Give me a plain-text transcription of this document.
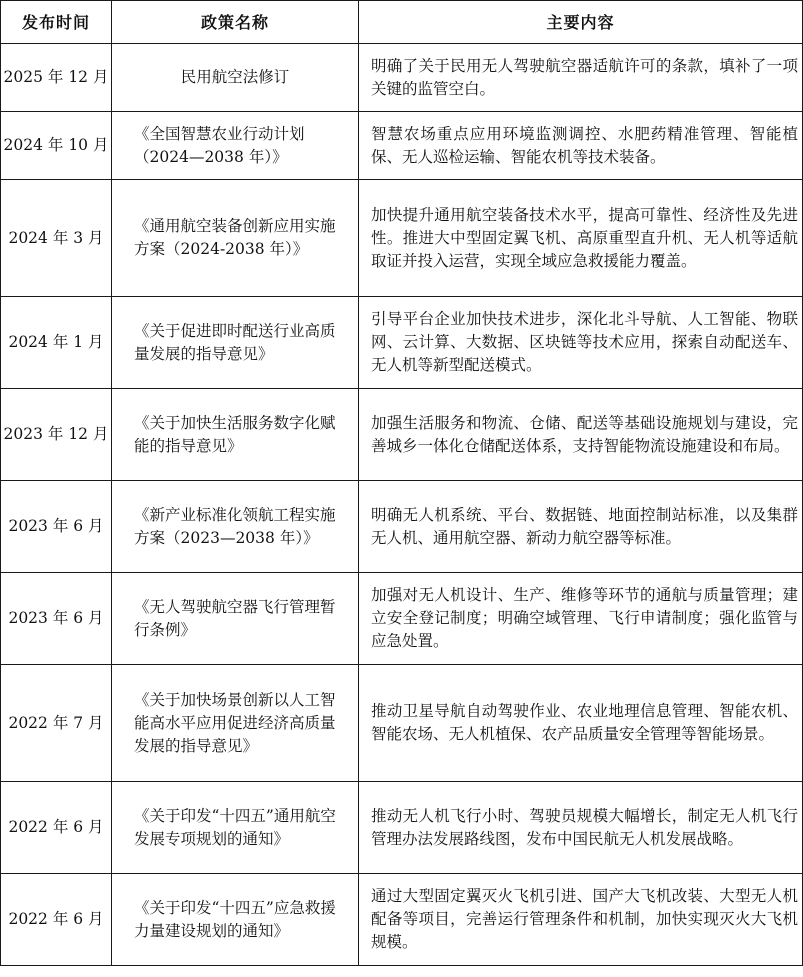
发布时间	政策名称	主要内容
2025 年 12 月	民用航空法修订	明确了关于民用无人驾驶航空器适航许可的条款，填补了一项关键的监管空白。
2024 年 10 月	《全国智慧农业行动计划（2024—2038 年）》	智慧农场重点应用环境监测调控、水肥药精准管理、智能植保、无人巡检运输、智能农机等技术装备。
2024 年 3 月	《通用航空装备创新应用实施方案（2024-2038 年）》	加快提升通用航空装备技术水平，提高可靠性、经济性及先进性。推进大中型固定翼飞机、高原重型直升机、无人机等适航取证并投入运营，实现全域应急救援能力覆盖。
2024 年 1 月	《关于促进即时配送行业高质量发展的指导意见》	引导平台企业加快技术进步，深化北斗导航、人工智能、物联网、云计算、大数据、区块链等技术应用，探索自动配送车、无人机等新型配送模式。
2023 年 12 月	《关于加快生活服务数字化赋能的指导意见》	加强生活服务和物流、仓储、配送等基础设施规划与建设，完善城乡一体化仓储配送体系，支持智能物流设施建设和布局。
2023 年 6 月	《新产业标准化领航工程实施方案（2023—2038 年）》	明确无人机系统、平台、数据链、地面控制站标准，以及集群无人机、通用航空器、新动力航空器等标准。
2023 年 6 月	《无人驾驶航空器飞行管理暂行条例》	加强对无人机设计、生产、维修等环节的通航与质量管理；建立安全登记制度；明确空域管理、飞行申请制度；强化监管与应急处置。
2022 年 7 月	《关于加快场景创新以人工智能高水平应用促进经济高质量发展的指导意见》	推动卫星导航自动驾驶作业、农业地理信息管理、智能农机、智能农场、无人机植保、农产品质量安全管理等智能场景。
2022 年 6 月	《关于印发“十四五”通用航空发展专项规划的通知》	推动无人机飞行小时、驾驶员规模大幅增长，制定无人机飞行管理办法发展路线图，发布中国民航无人机发展战略。
2022 年 6 月	《关于印发“十四五”应急救援力量建设规划的通知》	通过大型固定翼灭火飞机引进、国产大飞机改装、大型无人机配备等项目，完善运行管理条件和机制，加快实现灭火大飞机规模。
